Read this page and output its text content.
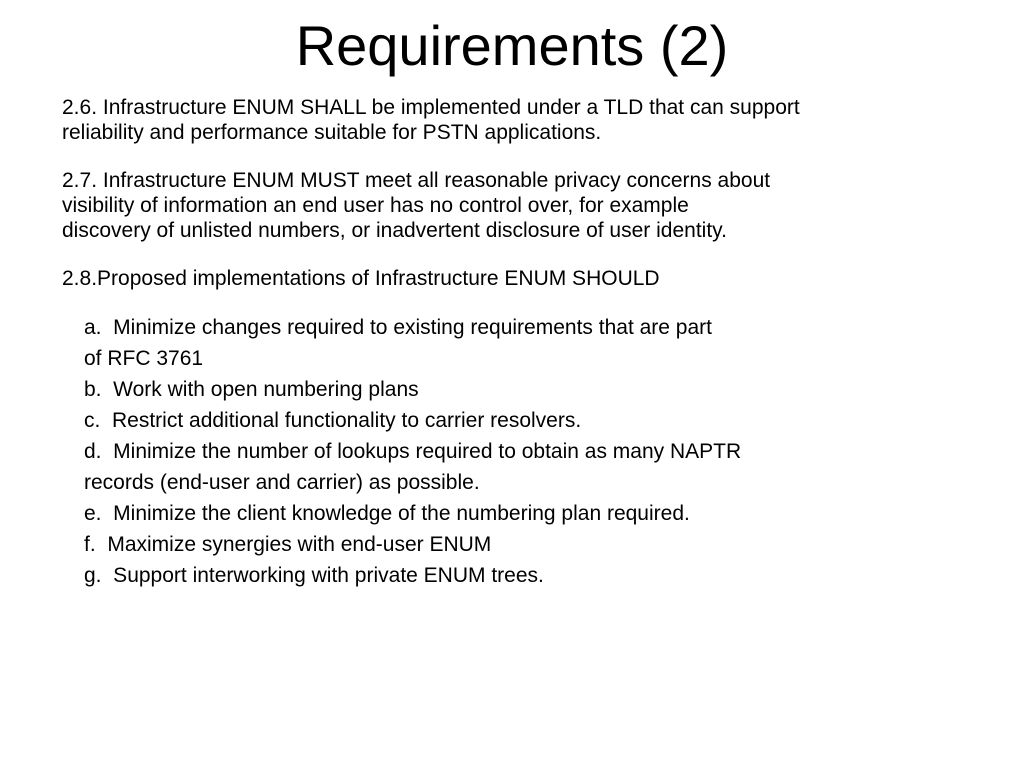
Requirements (2)
2.6. Infrastructure ENUM SHALL be implemented under a TLD that can support
reliability and performance suitable for PSTN applications.
2.7. Infrastructure ENUM MUST meet all reasonable privacy concerns about
visibility of information an end user has no control over, for example
discovery of unlisted numbers, or inadvertent disclosure of user identity.
2.8.Proposed implementations of Infrastructure ENUM SHOULD
a.  Minimize changes required to existing requirements that are part
of RFC 3761
b.  Work with open numbering plans
c.  Restrict additional functionality to carrier resolvers.
d.  Minimize the number of lookups required to obtain as many NAPTR
records (end-user and carrier) as possible.
e.  Minimize the client knowledge of the numbering plan required.
f.  Maximize synergies with end-user ENUM
g.  Support interworking with private ENUM trees.
